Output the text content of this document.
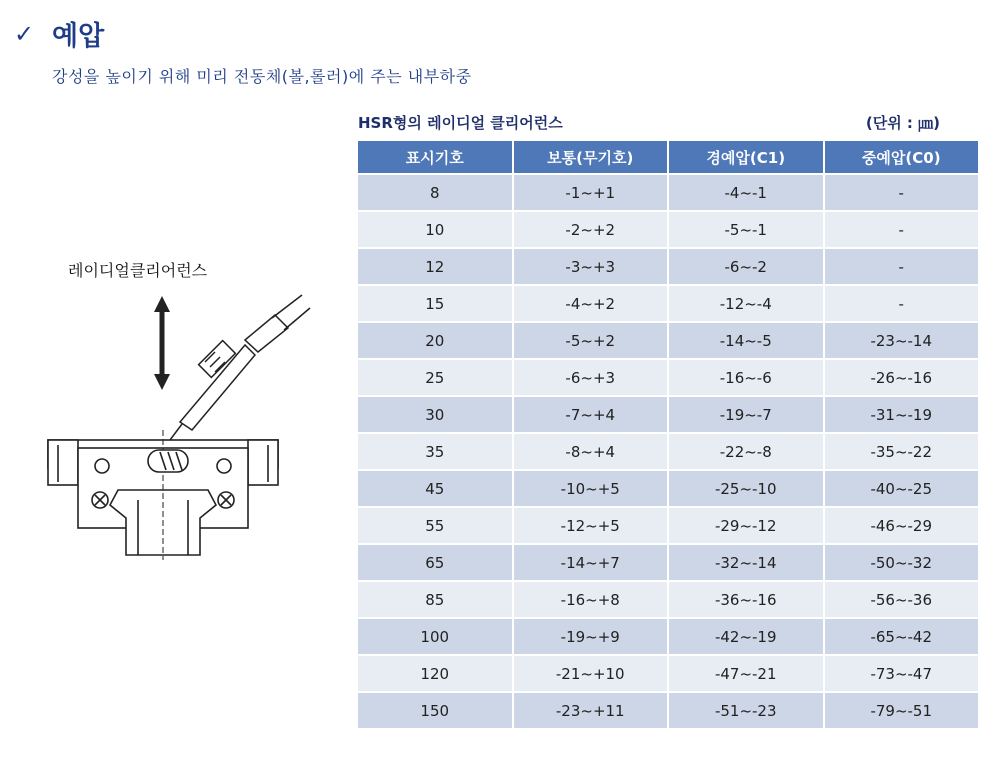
✓ 예압
강성을 높이기 위해 미리 전동체(볼,롤러)에 주는 내부하중
HSR형의 레이디얼 클리어런스	(단위 : ㎛)
표시기호	보통(무기호)	경예압(C1)	중예압(C0)
8	-1~+1	-4~-1	-
10	-2~+2	-5~-1	-
12	-3~+3	-6~-2	-
15	-4~+2	-12~-4	-
20	-5~+2	-14~-5	-23~-14
25	-6~+3	-16~-6	-26~-16
30	-7~+4	-19~-7	-31~-19
35	-8~+4	-22~-8	-35~-22
45	-10~+5	-25~-10	-40~-25
55	-12~+5	-29~-12	-46~-29
65	-14~+7	-32~-14	-50~-32
85	-16~+8	-36~-16	-56~-36
100	-19~+9	-42~-19	-65~-42
120	-21~+10	-47~-21	-73~-47
150	-23~+11	-51~-23	-79~-51
레이디얼클리어런스
